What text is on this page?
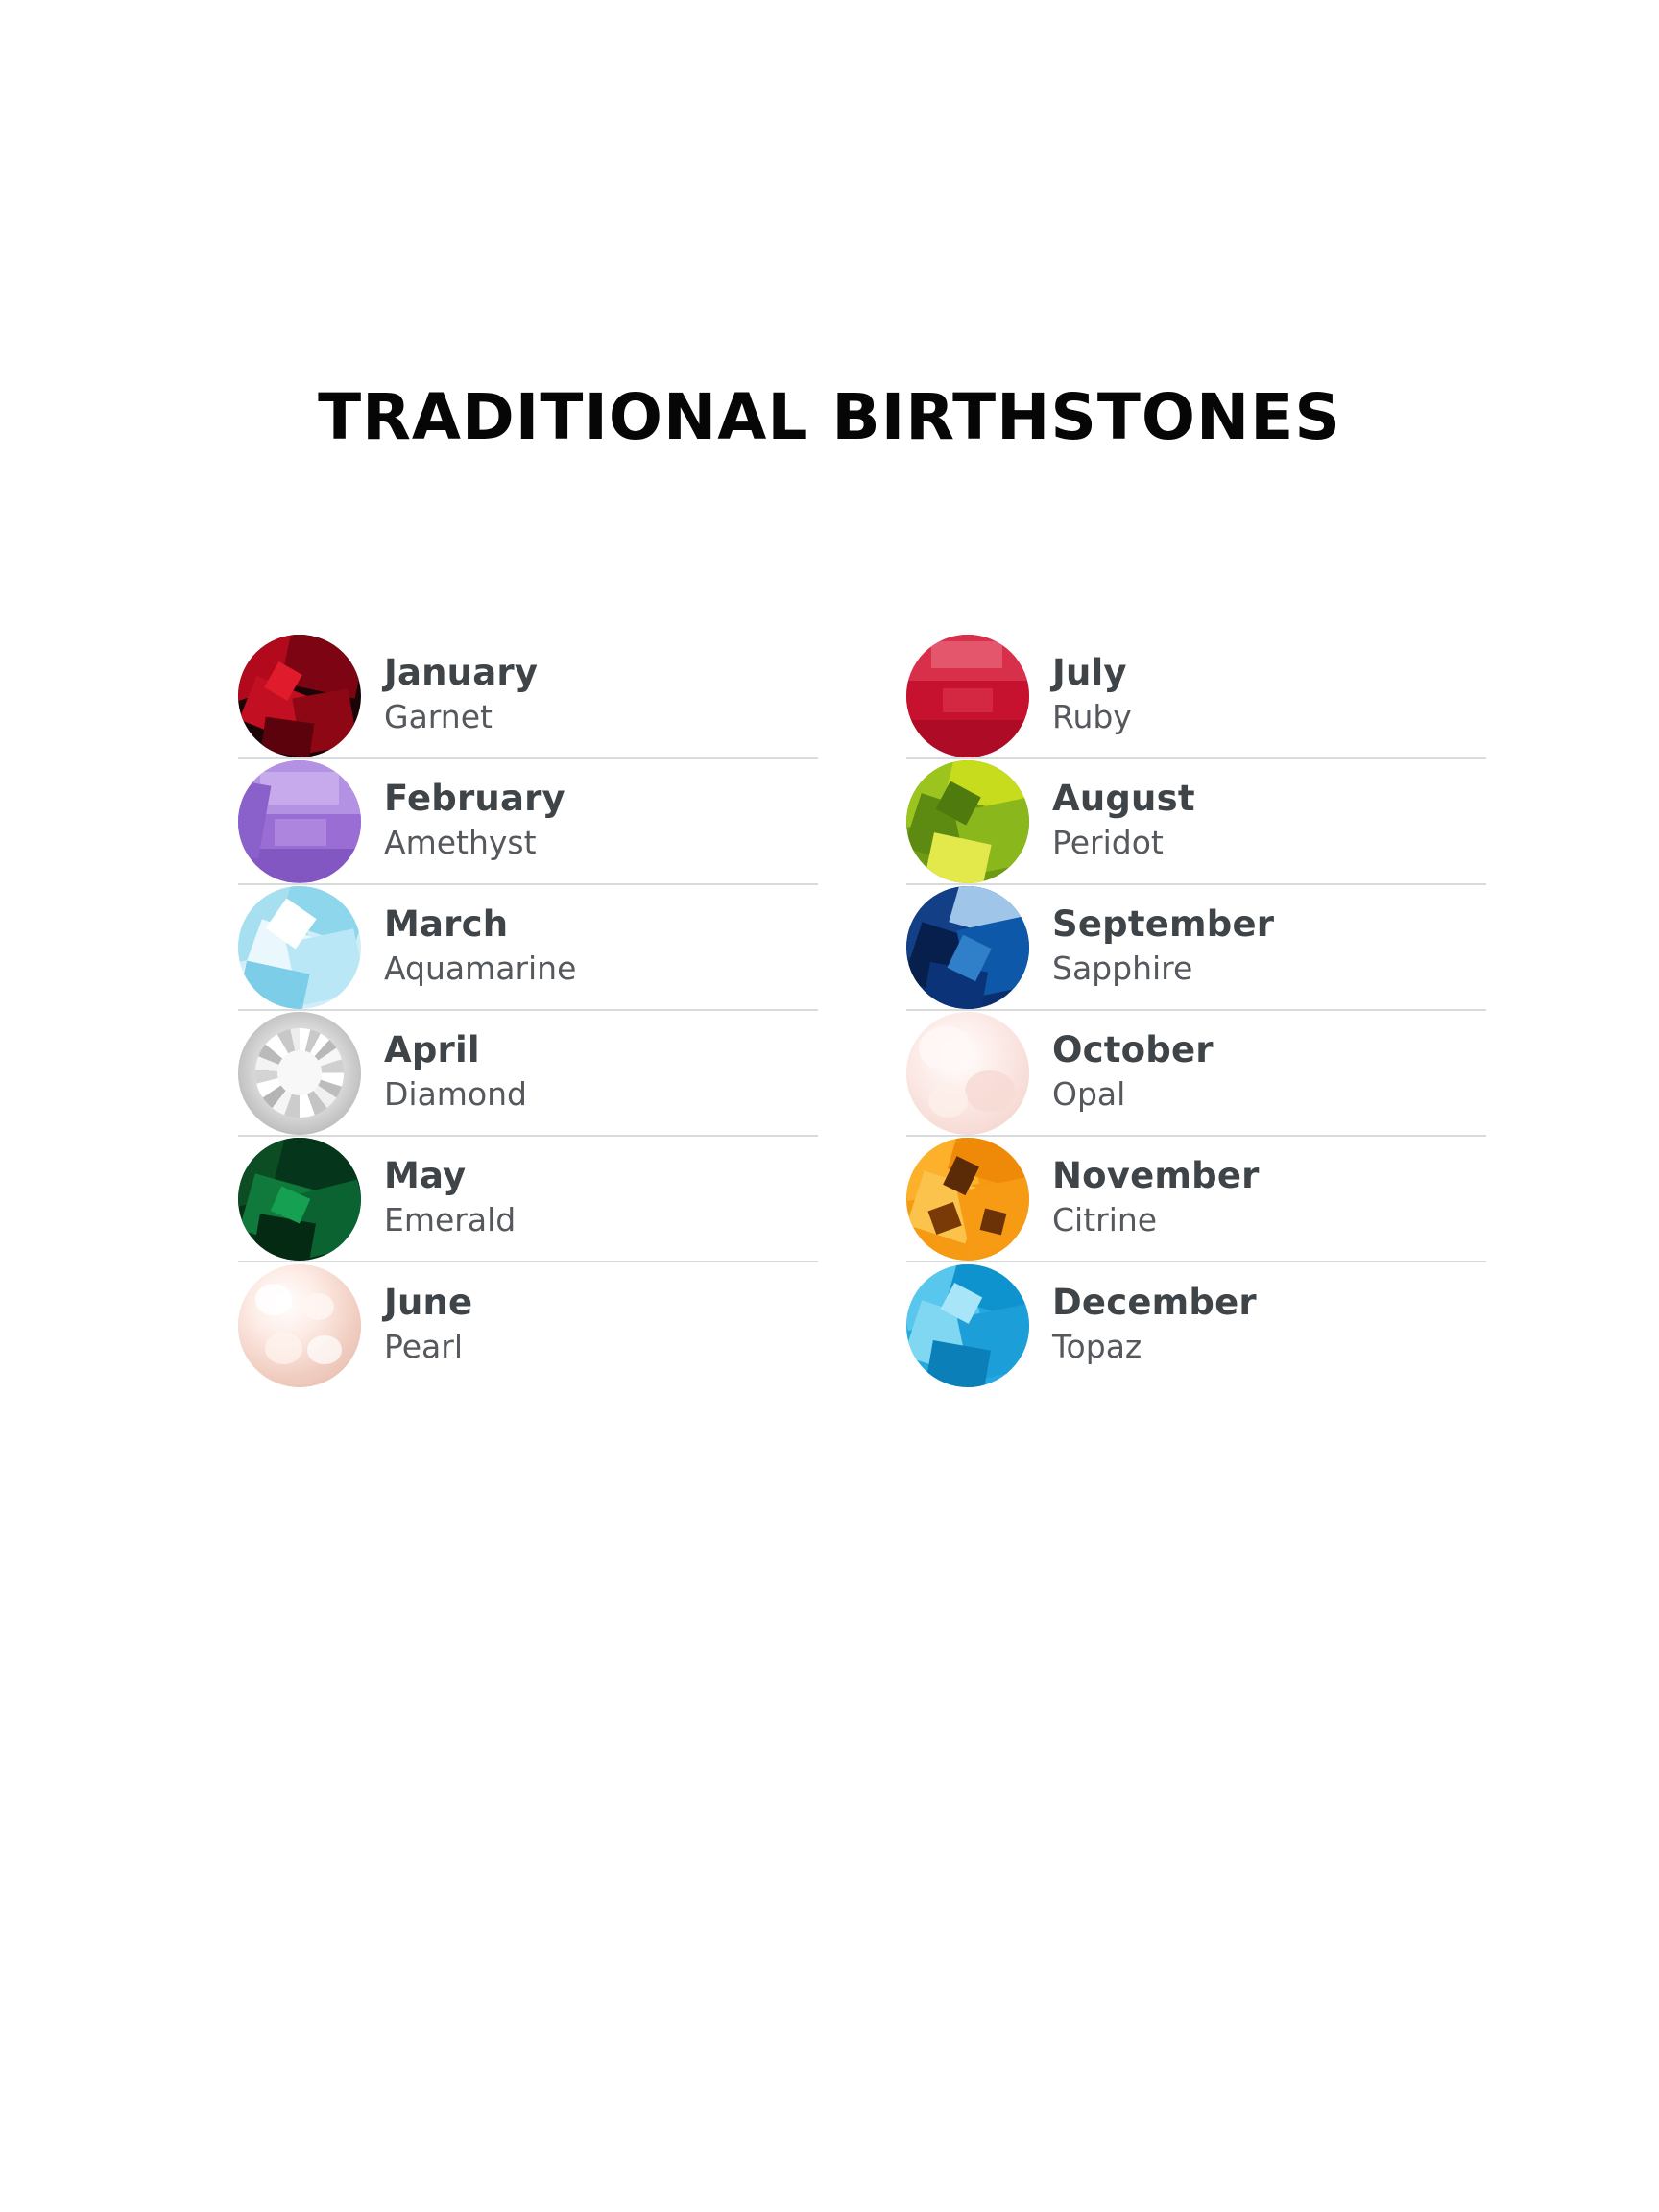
TRADITIONAL BIRTHSTONES
January
Garnet
February
Amethyst
March
Aquamarine
April
Diamond
May
Emerald
June
Pearl
July
Ruby
August
Peridot
September
Sapphire
October
Opal
November
Citrine
December
Topaz
